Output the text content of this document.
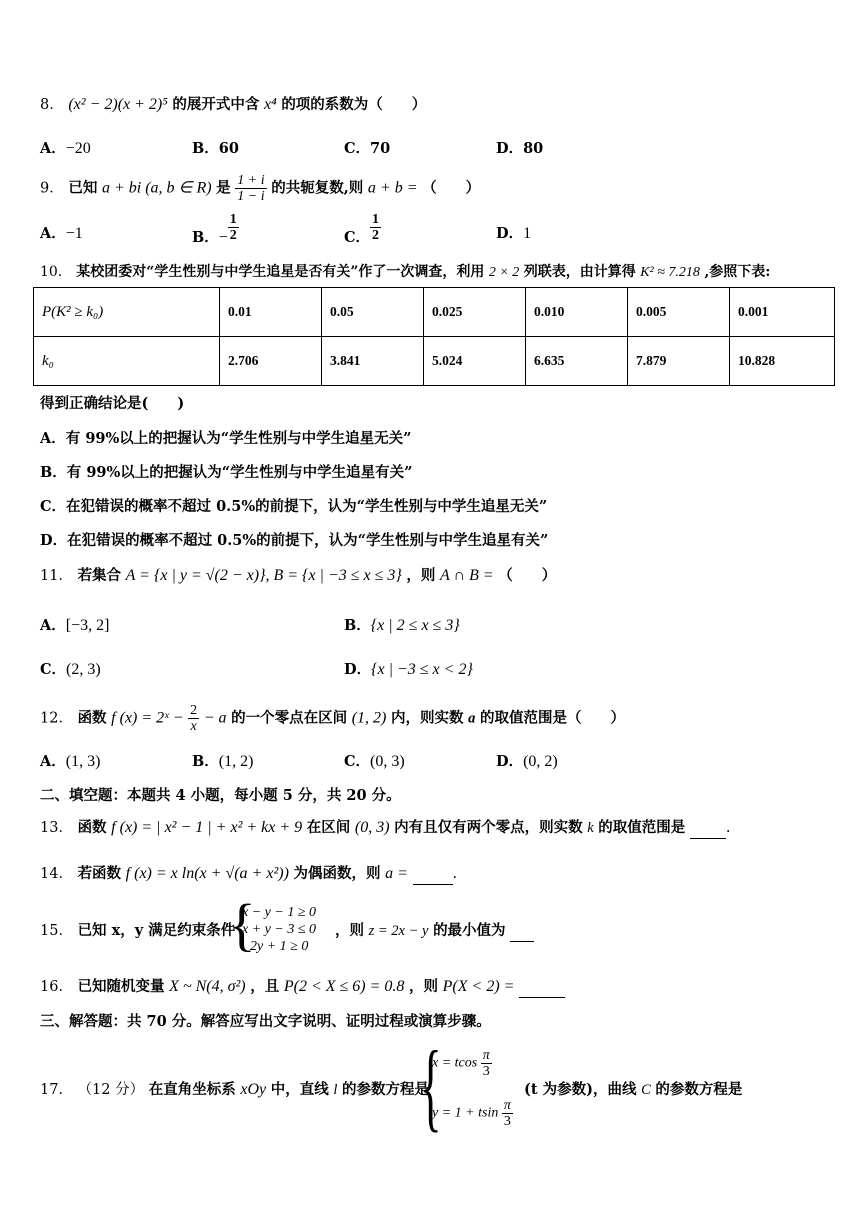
8． (x² − 2)(x + 2)⁵ 的展开式中含 x⁴ 的项的系数为（　　）
A．−20	B．60	C．70	D．80
9． 已知 a + bi (a, b ∈ R) 是 $\frac{1 + i}{1 - i}$ 的共轭复数,则 a + b = （　　）
A．−1	B．− $\frac{1}{2}$	C． $\frac{1}{2}$	D．1
10． 某校团委对“学生性别与中学生追星是否有关”作了一次调查，利用 2 × 2 列联表，由计算得 K² ≈ 7.218 ,参照下表:
P(K² ≥ k₀)	0.01	0.05	0.025	0.010	0.005	0.001
k₀	2.706	3.841	5.024	6.635	7.879	10.828
得到正确结论是(　　)
A．有 99%以上的把握认为“学生性别与中学生追星无关”
B．有 99%以上的把握认为“学生性别与中学生追星有关”
C．在犯错误的概率不超过 0.5%的前提下，认为“学生性别与中学生追星无关”
D．在犯错误的概率不超过 0.5%的前提下，认为“学生性别与中学生追星有关”
11． 若集合 A = {x | y = √(2 − x)}, B = {x | −3 ≤ x ≤ 3} ，则 A ∩ B = （　　）
A．[−3, 2]	B．{x | 2 ≤ x ≤ 3}
C．(2, 3)	D．{x | −3 ≤ x < 2}
12． 函数 f (x) = 2ˣ − $\frac{2}{x} - a$ 的一个零点在区间 (1, 2) 内，则实数 a 的取值范围是（　　）
A．(1, 3)	B．(1, 2)	C．(0, 3)	D．(0, 2)
二、填空题：本题共 4 小题，每小题 5 分，共 20 分。
13． 函数 f (x) = | x² − 1 | + x² + kx + 9 在区间 (0, 3) 内有且仅有两个零点，则实数 k 的取值范围是	.
14． 若函数 f (x) = x ln(x + √(a + x²)) 为偶函数，则 a =	.
15． 已知 x，y 满足约束条件
{
x − y − 1 ≥ 0
x + y − 3 ≤ 0
2y + 1 ≥ 0
，则 z = 2x − y 的最小值为
16． 已知随机变量 X ~ N(4, σ²) ，且 P(2 < X ≤ 6) = 0.8 ，则 P(X < 2) =
三、解答题：共 70 分。解答应写出文字说明、证明过程或演算步骤。
17． （12 分） 在直角坐标系 xOy 中，直线 l 的参数方程是
{
x = tcos $\frac{\pi}{3}$
y = 1 + tsin $\frac{\pi}{3}$
(t 为参数)，曲线 C 的参数方程是
